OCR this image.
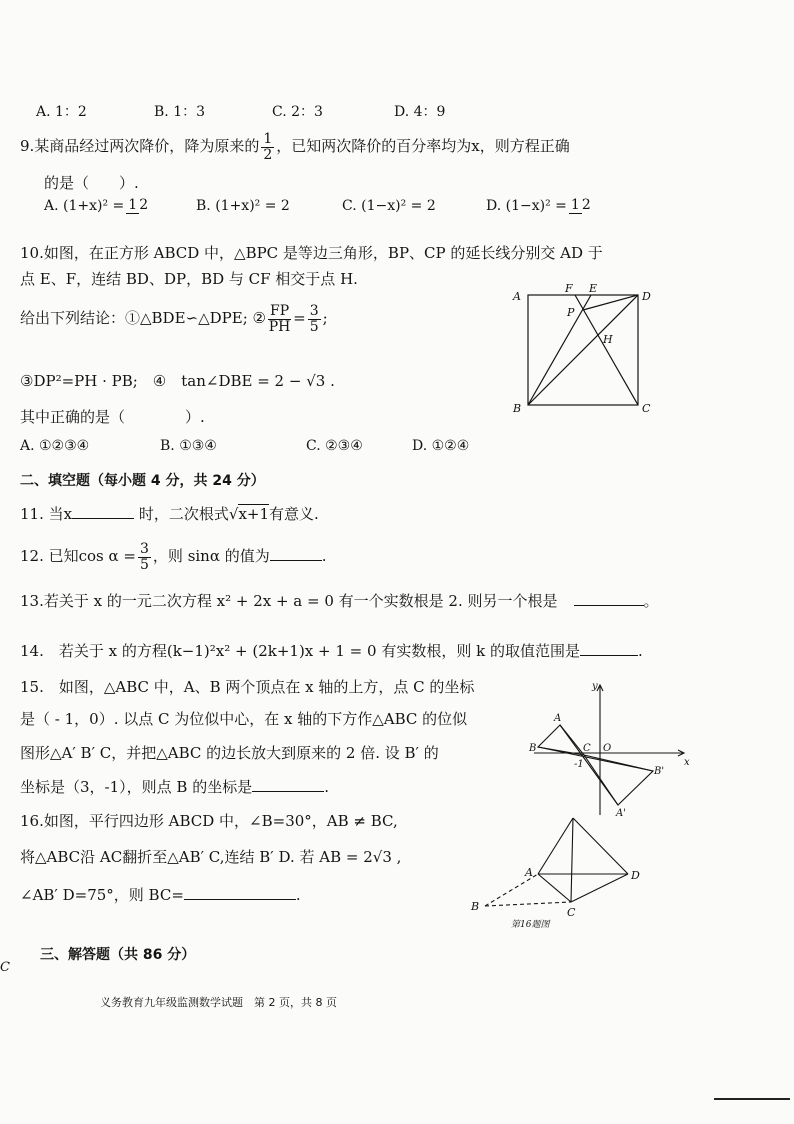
A. 1：2	B. 1：3	C. 2：3	D. 4：9
9.某商品经过两次降价，降为原来的 $\frac{1}{2}$ ，已知两次降价的百分率均为x，则方程正确
的是（　　）.
A. (1+x)² = 1 2	B. (1+x)² = 2	C. (1−x)² = 2	D. (1−x)² = 1 2
10.如图，在正方形 ABCD 中，△BPC 是等边三角形，BP、CP 的延长线分别交 AD 于
点 E、F，连结 BD、DP，BD 与 CF 相交于点 H.
给出下列结论：①△BDE∽△DPE; ② $\frac{FP}{PH} = \frac{3}{5}$ ;
③DP²=PH · PB;　④　tan∠DBE = 2 − √3 .
其中正确的是（　　　　）.
A. ①②③④	B. ①③④	C. ②③④	D. ①②④
A
F E
D
P
H
B	C
二、填空题（每小题 4 分，共 24 分）
11. 当x	时，二次根式√x+1有意义.
12. 已知$\cos \alpha = \frac{3}{5}$ ，则 sinα 的值为	.
13.若关于 x 的一元二次方程 x² + 2x + a = 0 有一个实数根是 2. 则另一个根是	。
14.　若关于 x 的方程(k−1)²x² + (2k+1)x + 1 = 0 有实数根，则 k 的取值范围是	.
15.　如图，△ABC 中，A、B 两个顶点在 x 轴的上方，点 C 的坐标
是（ - 1，0）. 以点 C 为位似中心，在 x 轴的下方作△ABC 的位似
图形△A′ B′ C，并把△ABC 的边长放大到原来的 2 倍. 设 B′ 的
坐标是（3，-1），则点 B 的坐标是	.
y
x
A
B	C O
-1
B'
A'
16.如图，平行四边形 ABCD 中，∠B=30°，AB ≠ BC,
将△ABC沿 AC翻折至△AB′ C,连结 B′ D. 若 AB = 2√3 ,
∠AB′ D=75°，则 BC=	.
A
B	C
D
第16题图
三、解答题（共 86 分）
C
义务教育九年级监测数学试题　第 2 页，共 8 页
